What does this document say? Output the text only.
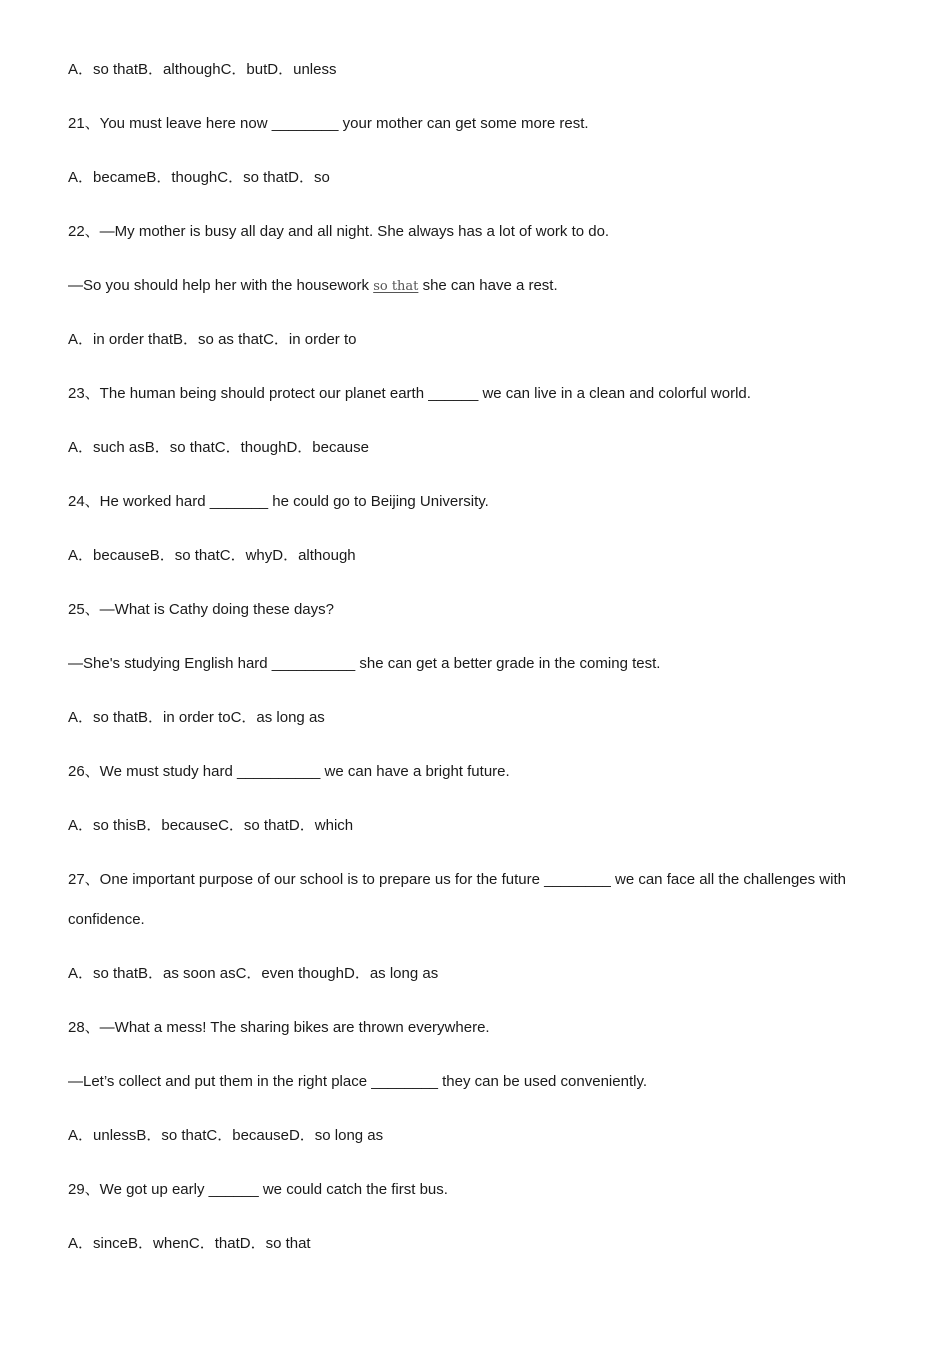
A．so thatB．althoughC．butD．unless
21、You must leave here now ________ your mother can get some more rest.
A．becameB．thoughC．so thatD．so
22、—My mother is busy all day and all night. She always has a lot of work to do.
—So you should help her with the housework so that she can have a rest.
A．in order thatB．so as thatC．in order to
23、The human being should protect our planet earth ______ we can live in a clean and colorful world.
A．such asB．so thatC．thoughD．because
24、He worked hard _______ he could go to Beijing University.
A．becauseB．so thatC．whyD．although
25、—What is Cathy doing these days?
—She's studying English hard __________ she can get a better grade in the coming test.
A．so thatB．in order toC．as long as
26、We must study hard __________ we can have a bright future.
A．so thisB．becauseC．so thatD．which
27、One important purpose of our school is to prepare us for the future ________ we can face all the challenges with confidence.
A．so thatB．as soon asC．even thoughD．as long as
28、—What a mess! The sharing bikes are thrown everywhere.
—Let’s collect and put them in the right place ________ they can be used conveniently.
A．unlessB．so thatC．becauseD．so long as
29、We got up early ______ we could catch the first bus.
A．sinceB．whenC．thatD．so that
